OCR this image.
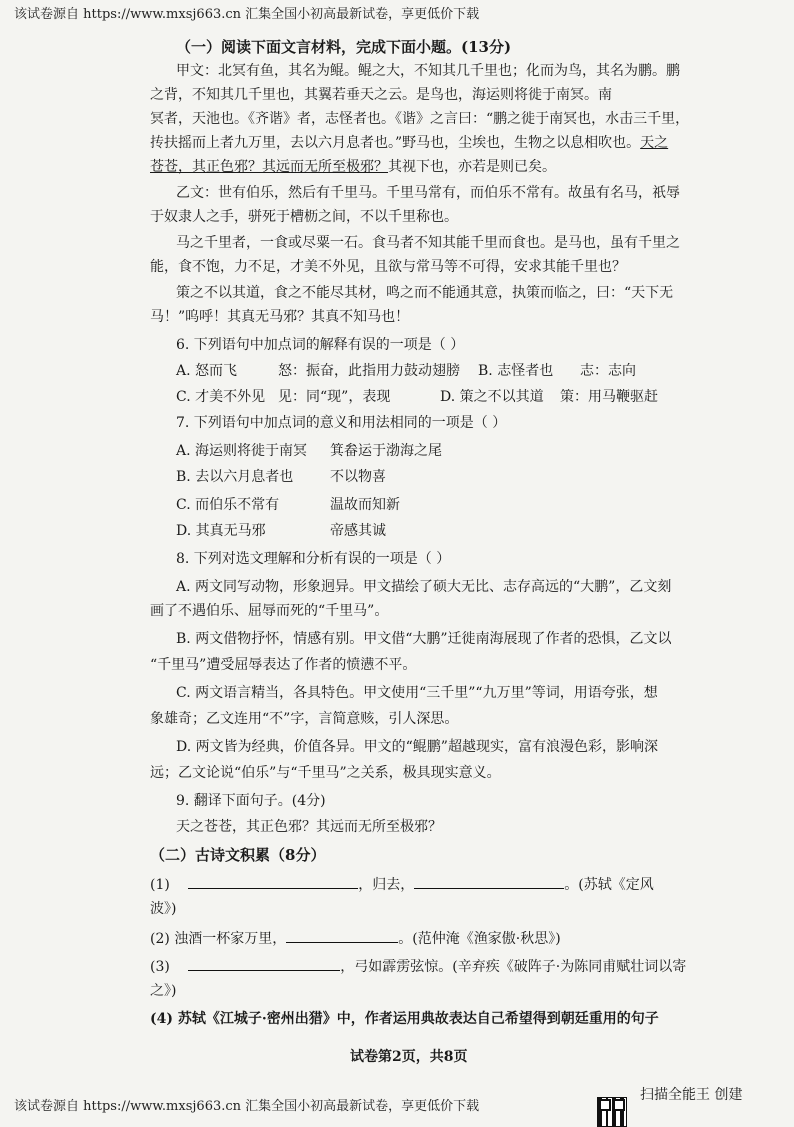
该试卷源自 https://www.mxsj663.cn 汇集全国小初高最新试卷，享更低价下载
（一）阅读下面文言材料，完成下面小题。(13分)
甲文：北冥有鱼，其名为鲲。鲲之大，不知其几千里也；化而为鸟，其名为鹏。鹏
之背，不知其几千里也，其翼若垂天之云。是鸟也，海运则将徙于南冥。南
冥者，天池也。《齐谐》者，志怪者也。《谐》之言曰：“鹏之徙于南冥也，水击三千里，
抟扶摇而上者九万里，去以六月息者也。”野马也，尘埃也，生物之以息相吹也。天之
苍苍，其正色邪？其远而无所至极邪？其视下也，亦若是则已矣。
乙文：世有伯乐，然后有千里马。千里马常有，而伯乐不常有。故虽有名马，祇辱
于奴隶人之手，骈死于槽枥之间，不以千里称也。
马之千里者，一食或尽粟一石。食马者不知其能千里而食也。是马也，虽有千里之
能，食不饱，力不足，才美不外见，且欲与常马等不可得，安求其能千里也？
策之不以其道，食之不能尽其材，鸣之而不能通其意，执策而临之，曰：“天下无
马！”呜呼！其真无马邪？其真不知马也！
6. 下列语句中加点词的解释有误的一项是（ ）
A. 怒而飞	怒：振奋，此指用力鼓动翅膀 B. 志怪者也 志：志向
C. 才美不外见 见：同“现”，表现	D. 策之不以其道 策：用马鞭驱赶
7. 下列语句中加点词的意义和用法相同的一项是（ ）
A. 海运则将徙于南冥 箕畚运于渤海之尾
B. 去以六月息者也	不以物喜
C. 而伯乐不常有	温故而知新
D. 其真无马邪	帝感其诚
8. 下列对选文理解和分析有误的一项是（ ）
A. 两文同写动物，形象迥异。甲文描绘了硕大无比、志存高远的“大鹏”，乙文刻
画了不遇伯乐、屈辱而死的“千里马”。
B. 两文借物抒怀，情感有别。甲文借“大鹏”迁徙南海展现了作者的恐惧，乙文以
“千里马”遭受屈辱表达了作者的愤懑不平。
C. 两文语言精当，各具特色。甲文使用“三千里”“九万里”等词，用语夸张，想
象雄奇；乙文连用“不”字，言简意赅，引人深思。
D. 两文皆为经典，价值各异。甲文的“鲲鹏”超越现实，富有浪漫色彩，影响深
远；乙文论说“伯乐”与“千里马”之关系，极具现实意义。
9. 翻译下面句子。(4分)
天之苍苍，其正色邪？其远而无所至极邪？
（二）古诗文积累（8分）
(1)	，归去，	。(苏轼《定风
波》)
(2) 浊酒一杯家万里，	。(范仲淹《渔家傲·秋思》)
(3)	，弓如霹雳弦惊。(辛弃疾《破阵子·为陈同甫赋壮词以寄
之》)
(4) 苏轼《江城子·密州出猎》中，作者运用典故表达自己希望得到朝廷重用的句子
试卷第2页，共8页
该试卷源自 https://www.mxsj663.cn 汇集全国小初高最新试卷，享更低价下载
扫描全能王 创建
